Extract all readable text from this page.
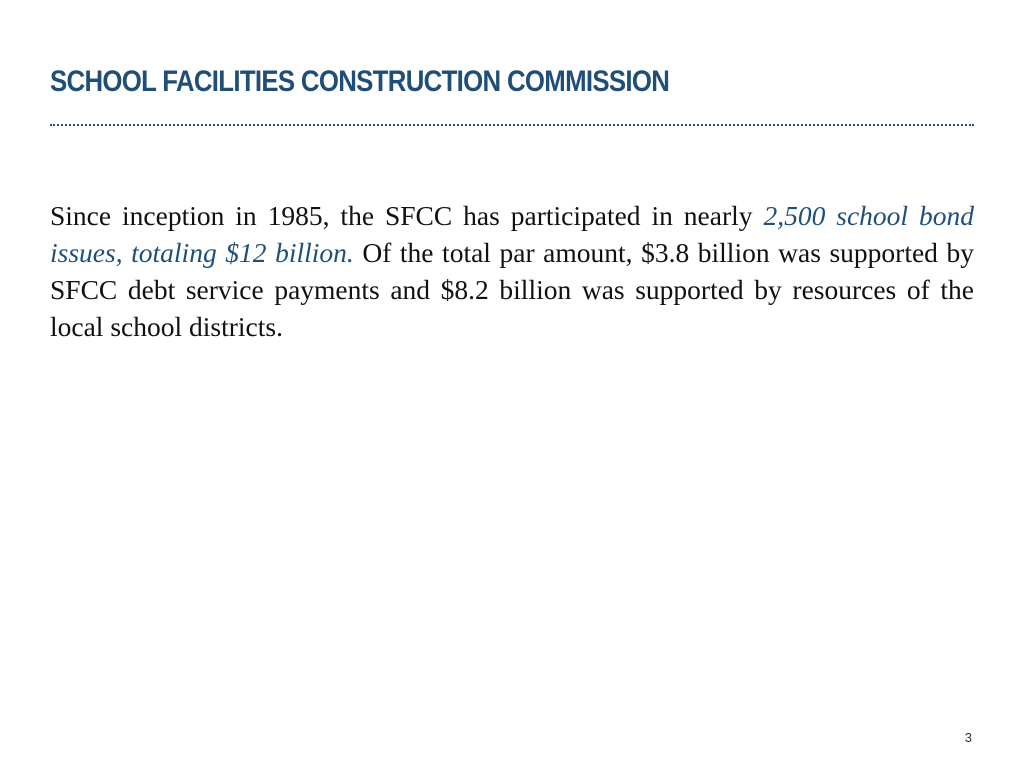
SCHOOL FACILITIES CONSTRUCTION COMMISSION

Since inception in 1985, the SFCC has participated in nearly 2,500 school bond issues, totaling $12 billion. Of the total par amount, $3.8 billion was supported by SFCC debt service payments and $8.2 billion was supported by resources of the local school districts.

3
